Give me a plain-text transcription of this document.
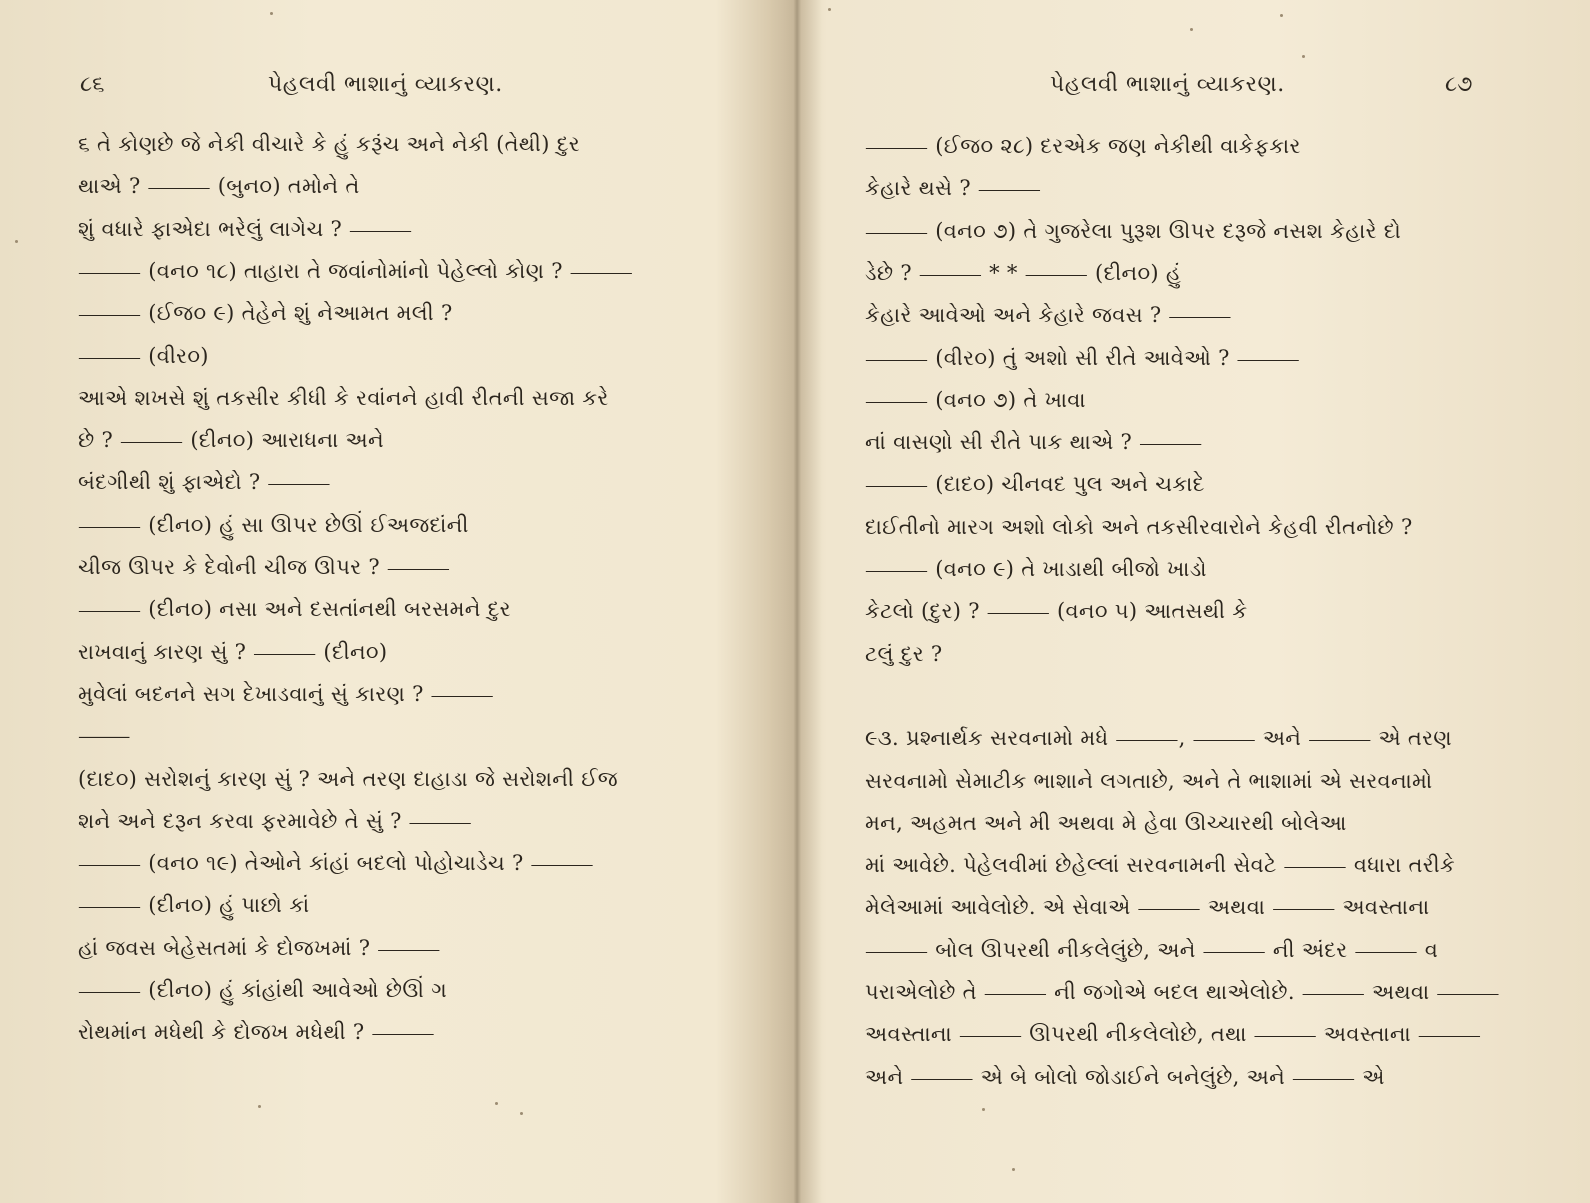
૮૬	પેહલવી ભાશાનું વ્યાકરણ.
૬ તે કોણછે જે નેકી વીચારે કે હું કરૂંચ અને નેકી (તેથી) દુર
થાએ ? ⸻ (બુન૦) તમોને તે
શું વધારે ફાએદા ભરેલું લાગેચ ? ⸻
⸻ (વન૦ ૧૮) તાહારા તે જવાંનોમાંનો પેહેલ્લો કોણ ? ⸻
⸻ (ઈજ૦ ૯) તેહેને શું નેઆમત મલી ?
⸻ (વીર૦)
આએ શખસે શું તકસીર કીધી કે રવાંનને હાવી રીતની સજા કરે
છે ? ⸻ (દીન૦) આરાધના અને
બંદગીથી શું ફાએદો ? ⸻
⸻ (દીન૦) હું સા ઊપર છેઊં ઈઅજદાંની
ચીજ ઊપર કે દેવોની ચીજ ઊપર ? ⸻
⸻ (દીન૦) નસા અને દસતાંનથી બરસમને દુર
રાખવાનું કારણ સું ? ⸻ (દીન૦)
મુવેલાં બદનને સગ દેખાડવાનું સું કારણ ? ⸻
⸻
(દાદ૦) સરોશનું કારણ સું ? અને તરણ દાહાડા જે સરોશની ઈજ
શને અને દરૂન કરવા ફરમાવેછે તે સું ? ⸻
⸻ (વન૦ ૧૯) તેઓને કાંહાં બદલો પોહોચાડેચ ? ⸻
⸻ (દીન૦) હું પાછો કાં
હાં જવસ બેહેસતમાં કે દોજખમાં ? ⸻
⸻ (દીન૦) હું કાંહાંથી આવેઓ છેઊં ગ
રોથમાંન મધેથી કે દોજખ મધેથી ? ⸻
પેહલવી ભાશાનું વ્યાકરણ.	૮૭
⸻ (ઈજ૦ ૨૮) દરએક જણ નેકીથી વાકેફકાર
કેહારે થસે ? ⸻
⸻ (વન૦ ૭) તે ગુજરેલા પુરૂશ ઊપર દરૂજે નસશ કેહારે દો
ડેછે ? ⸻ * * ⸻ (દીન૦) હું
કેહારે આવેઓ અને કેહારે જવસ ? ⸻
⸻ (વીર૦) તું અશો સી રીતે આવેઓ ? ⸻
⸻ (વન૦ ૭) તે ખાવા
નાં વાસણો સી રીતે પાક થાએ ? ⸻
⸻ (દાદ૦) ચીનવદ પુલ અને ચકાદે
દાઈતીનો મારગ અશો લોકો અને તકસીરવારોને કેહવી રીતનોછે ?
⸻ (વન૦ ૯) તે ખાડાથી બીજો ખાડો
કેટલો (દુર) ? ⸻ (વન૦ ૫) આતસથી કે
ટલું દુર ?
૯૩. પ્રશ્નાર્થક સરવનામો મધે ⸻, ⸻ અને ⸻ એ તરણ
સરવનામો સેમાટીક ભાશાને લગતાછે, અને તે ભાશામાં એ સરવનામો
મન, અહમત અને મી અથવા મે હેવા ઊચ્ચારથી બોલેઆ
માં આવેછે. પેહેલવીમાં છેહેલ્લાં સરવનામની સેવટે ⸻ વધારા તરીકે
મેલેઆમાં આવેલોછે. એ સેવાએ ⸻ અથવા ⸻ અવસ્તાના
⸻ બોલ ઊપરથી નીકલેલુંછે, અને ⸻ ની અંદર ⸻ વ
પરાએલોછે તે ⸻ ની જગોએ બદલ થાએલોછે. ⸻ અથવા ⸻
અવસ્તાના ⸻ ઊપરથી નીકલેલોછે, તથા ⸻ અવસ્તાના ⸻
અને ⸻ એ બે બોલો જોડાઈને બનેલુંછે, અને ⸻ એ
